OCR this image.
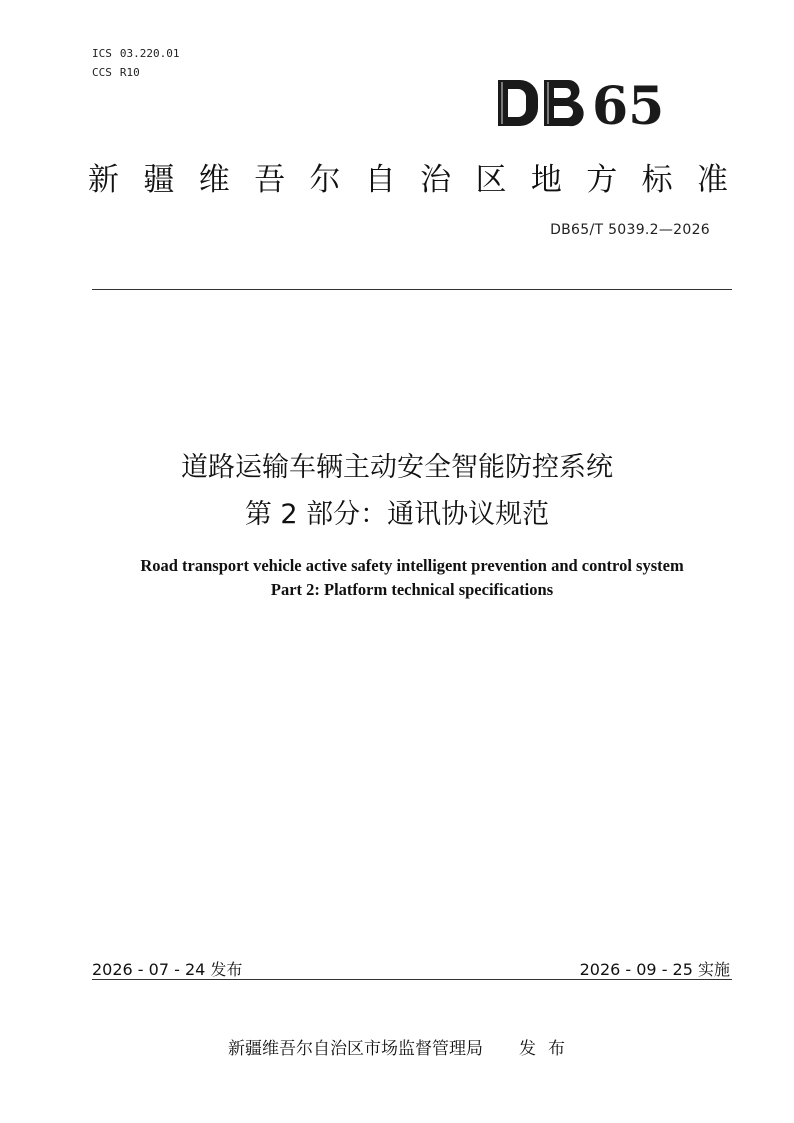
ICS 03.220.01
CCS R10
65
新 疆 维 吾 尔 自 治 区 地 方 标 准
DB65/T 5039.2—2026
道路运输车辆主动安全智能防控系统
第 2 部分：通讯协议规范
Road transport vehicle active safety intelligent prevention and control system
Part 2: Platform technical specifications
2026 - 07 - 24 发布	2026 - 09 - 25 实施
新疆维吾尔自治区市场监督管理局 发布
